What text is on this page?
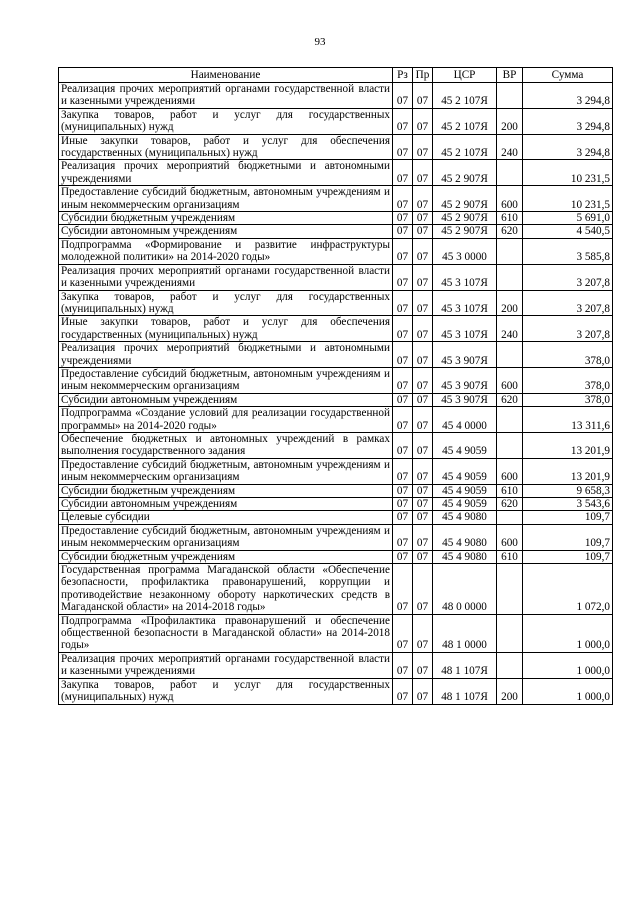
93
Наименование	Рз	Пр	ЦСР	ВР	Сумма
Реализация прочих мероприятий органами государственной власти и казенными учреждениями	07	07	45 2 107Я		3 294,8
Закупка товаров, работ и услуг для государственных (муниципальных) нужд	07	07	45 2 107Я	200	3 294,8
Иные закупки товаров, работ и услуг для обеспечения государственных (муниципальных) нужд	07	07	45 2 107Я	240	3 294,8
Реализация прочих мероприятий бюджетными и автономными учреждениями	07	07	45 2 907Я		10 231,5
Предоставление субсидий бюджетным, автономным учреждениям и иным некоммерческим организациям	07	07	45 2 907Я	600	10 231,5
Субсидии бюджетным учреждениям	07	07	45 2 907Я	610	5 691,0
Субсидии автономным учреждениям	07	07	45 2 907Я	620	4 540,5
Подпрограмма «Формирование и развитие инфраструктуры молодежной политики» на 2014-2020 годы»	07	07	45 3 0000		3 585,8
Реализация прочих мероприятий органами государственной власти и казенными учреждениями	07	07	45 3 107Я		3 207,8
Закупка товаров, работ и услуг для государственных (муниципальных) нужд	07	07	45 3 107Я	200	3 207,8
Иные закупки товаров, работ и услуг для обеспечения государственных (муниципальных) нужд	07	07	45 3 107Я	240	3 207,8
Реализация прочих мероприятий бюджетными и автономными учреждениями	07	07	45 3 907Я		378,0
Предоставление субсидий бюджетным, автономным учреждениям и иным некоммерческим организациям	07	07	45 3 907Я	600	378,0
Субсидии автономным учреждениям	07	07	45 3 907Я	620	378,0
Подпрограмма «Создание условий для реализации государственной программы» на 2014-2020 годы»	07	07	45 4 0000		13 311,6
Обеспечение бюджетных и автономных учреждений в рамках выполнения государственного задания	07	07	45 4 9059		13 201,9
Предоставление субсидий бюджетным, автономным учреждениям и иным некоммерческим организациям	07	07	45 4 9059	600	13 201,9
Субсидии бюджетным учреждениям	07	07	45 4 9059	610	9 658,3
Субсидии автономным учреждениям	07	07	45 4 9059	620	3 543,6
Целевые субсидии	07	07	45 4 9080		109,7
Предоставление субсидий бюджетным, автономным учреждениям и иным некоммерческим организациям	07	07	45 4 9080	600	109,7
Субсидии бюджетным учреждениям	07	07	45 4 9080	610	109,7
Государственная программа Магаданской области «Обеспечение безопасности, профилактика правонарушений, коррупции и противодействие незаконному обороту наркотических средств в Магаданской области» на 2014-2018 годы»	07	07	48 0 0000		1 072,0
Подпрограмма «Профилактика правонарушений и обеспечение общественной безопасности в Магаданской области» на 2014-2018 годы»	07	07	48 1 0000		1 000,0
Реализация прочих мероприятий органами государственной власти и казенными учреждениями	07	07	48 1 107Я		1 000,0
Закупка товаров, работ и услуг для государственных (муниципальных) нужд	07	07	48 1 107Я	200	1 000,0
